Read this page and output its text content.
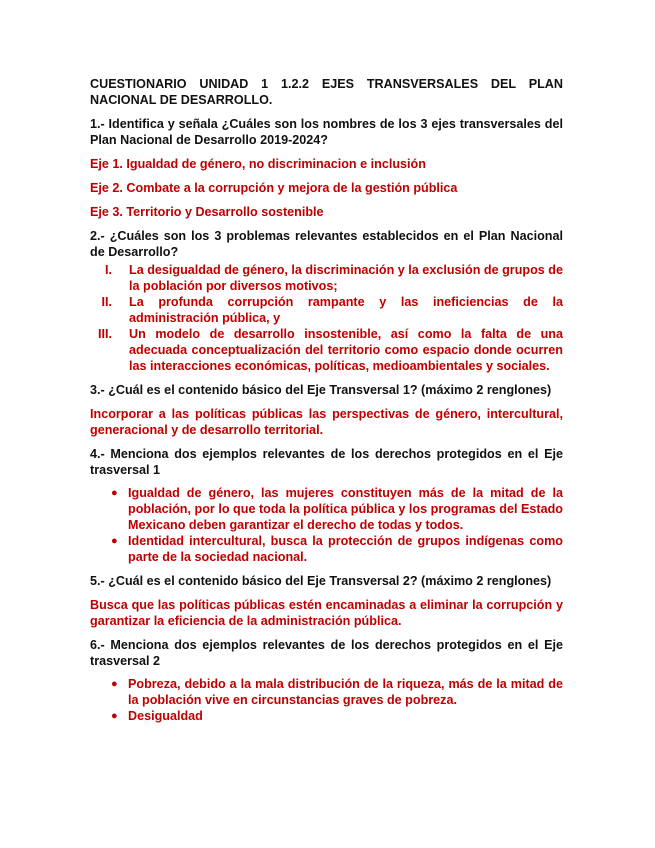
CUESTIONARIO UNIDAD 1 1.2.2 EJES TRANSVERSALES DEL PLAN NACIONAL DE DESARROLLO.

1.- Identifica y señala ¿Cuáles son los nombres de los 3 ejes transversales del Plan Nacional de Desarrollo 2019-2024?

Eje 1. Igualdad de género, no discriminacion e inclusión

Eje 2. Combate a la corrupción y mejora de la gestión pública

Eje 3. Territorio y Desarrollo sostenible

2.- ¿Cuáles son los 3 problemas relevantes establecidos en el Plan Nacional de Desarrollo?

I. La desigualdad de género, la discriminación y la exclusión de grupos de la población por diversos motivos;
II. La profunda corrupción rampante y las ineficiencias de la administración pública, y
III. Un modelo de desarrollo insostenible, así como la falta de una adecuada conceptualización del territorio como espacio donde ocurren las interacciones económicas, políticas, medioambientales y sociales.

3.- ¿Cuál es el contenido básico del Eje Transversal 1? (máximo 2 renglones)

Incorporar a las políticas públicas las perspectivas de género, intercultural, generacional y de desarrollo territorial.

4.- Menciona dos ejemplos relevantes de los derechos protegidos en el Eje trasversal 1

● Igualdad de género, las mujeres constituyen más de la mitad de la población, por lo que toda la política pública y los programas del Estado Mexicano deben garantizar el derecho de todas y todos.
● Identidad intercultural, busca la protección de grupos indígenas como parte de la sociedad nacional.

5.- ¿Cuál es el contenido básico del Eje Transversal 2? (máximo 2 renglones)

Busca que las políticas públicas estén encaminadas a eliminar la corrupción y garantizar la eficiencia de la administración pública.

6.- Menciona dos ejemplos relevantes de los derechos protegidos en el Eje trasversal 2

● Pobreza, debido a la mala distribución de la riqueza, más de la mitad de la población vive en circunstancias graves de pobreza.
● Desigualdad
